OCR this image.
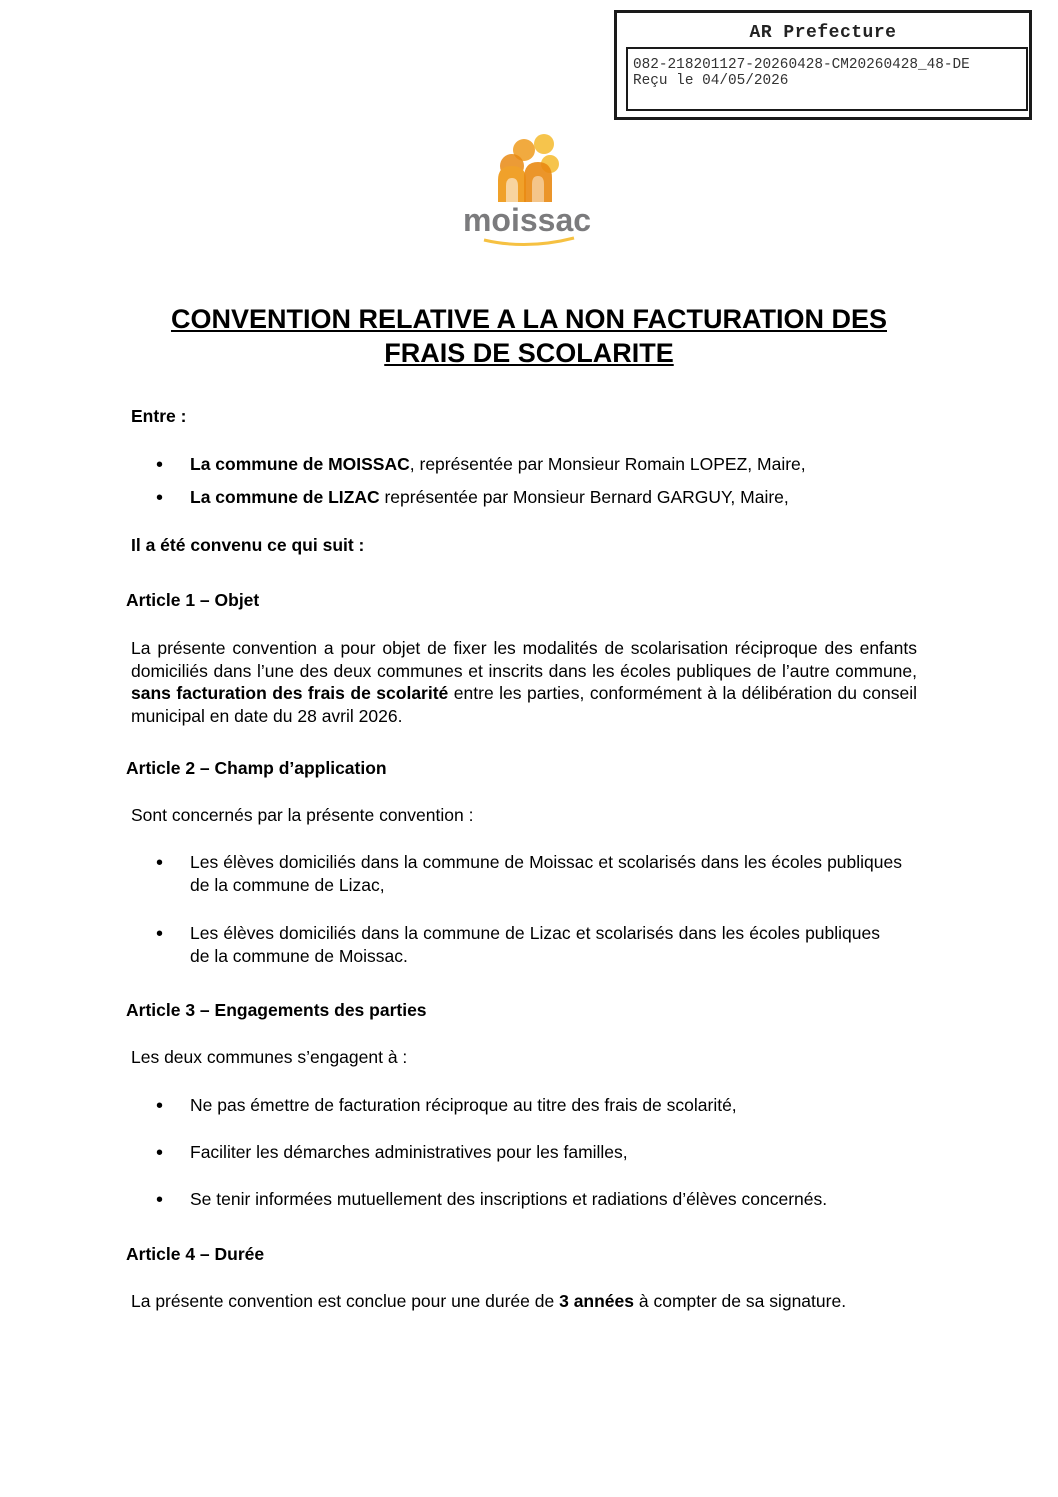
AR Prefecture
082-218201127-20260428-CM20260428_48-DE
Reçu le 04/05/2026
moissac
CONVENTION RELATIVE A LA NON FACTURATION DES
FRAIS DE SCOLARITE
Entre :
• La commune de MOISSAC, représentée par Monsieur Romain LOPEZ, Maire,
• La commune de LIZAC représentée par Monsieur Bernard GARGUY, Maire,
Il a été convenu ce qui suit :
Article 1 – Objet
La présente convention a pour objet de fixer les modalités de scolarisation réciproque des enfants domiciliés dans l’une des deux communes et inscrits dans les écoles publiques de l’autre commune, sans facturation des frais de scolarité entre les parties, conformément à la délibération du conseil municipal en date du 28 avril 2026.
Article 2 – Champ d’application
Sont concernés par la présente convention :
• Les élèves domiciliés dans la commune de Moissac et scolarisés dans les écoles publiques de la commune de Lizac,
• Les élèves domiciliés dans la commune de Lizac et scolarisés dans les écoles publiques de la commune de Moissac.
Article 3 – Engagements des parties
Les deux communes s’engagent à :
• Ne pas émettre de facturation réciproque au titre des frais de scolarité,
• Faciliter les démarches administratives pour les familles,
• Se tenir informées mutuellement des inscriptions et radiations d’élèves concernés.
Article 4 – Durée
La présente convention est conclue pour une durée de 3 années à compter de sa signature.
